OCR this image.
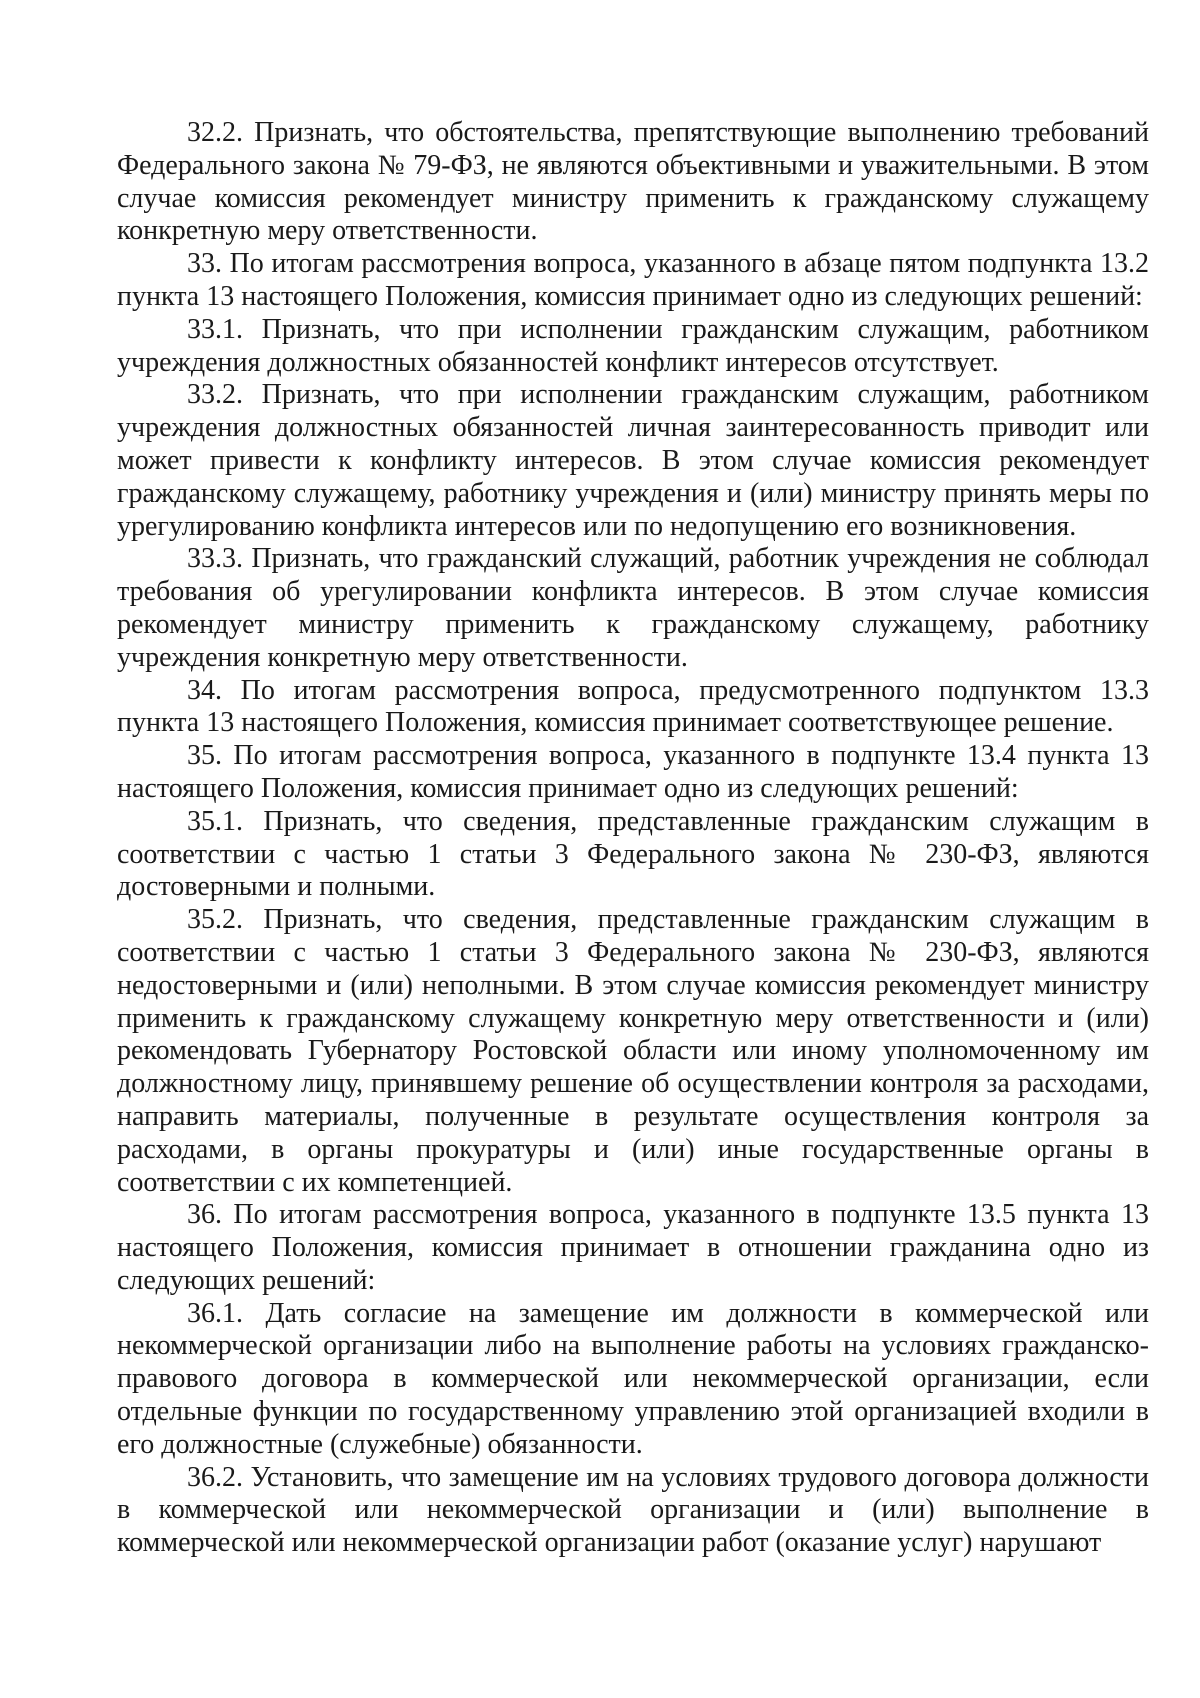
32.2. Признать, что обстоятельства, препятствующие выполнению требований Федерального закона № 79-ФЗ, не являются объективными и уважительными. В этом случае комиссия рекомендует министру применить к гражданскому служащему конкретную меру ответственности.

33. По итогам рассмотрения вопроса, указанного в абзаце пятом подпункта 13.2 пункта 13 настоящего Положения, комиссия принимает одно из следующих решений:

33.1. Признать, что при исполнении гражданским служащим, работником учреждения должностных обязанностей конфликт интересов отсутствует.

33.2. Признать, что при исполнении гражданским служащим, работником учреждения должностных обязанностей личная заинтересованность приводит или может привести к конфликту интересов. В этом случае комиссия рекомендует гражданскому служащему, работнику учреждения и (или) министру принять меры по урегулированию конфликта интересов или по недопущению его возникновения.

33.3. Признать, что гражданский служащий, работник учреждения не соблюдал требования об урегулировании конфликта интересов. В этом случае комиссия рекомендует министру применить к гражданскому служащему, работнику учреждения конкретную меру ответственности.

34. По итогам рассмотрения вопроса, предусмотренного подпунктом 13.3 пункта 13 настоящего Положения, комиссия принимает соответствующее решение.

35. По итогам рассмотрения вопроса, указанного в подпункте 13.4 пункта 13 настоящего Положения, комиссия принимает одно из следующих решений:

35.1. Признать, что сведения, представленные гражданским служащим в соответствии с частью 1 статьи 3 Федерального закона № 230-ФЗ, являются достоверными и полными.

35.2. Признать, что сведения, представленные гражданским служащим в соответствии с частью 1 статьи 3 Федерального закона № 230-ФЗ, являются недостоверными и (или) неполными. В этом случае комиссия рекомендует министру применить к гражданскому служащему конкретную меру ответственности и (или) рекомендовать Губернатору Ростовской области или иному уполномоченному им должностному лицу, принявшему решение об осуществлении контроля за расходами, направить материалы, полученные в результате осуществления контроля за расходами, в органы прокуратуры и (или) иные государственные органы в соответствии с их компетенцией.

36. По итогам рассмотрения вопроса, указанного в подпункте 13.5 пункта 13 настоящего Положения, комиссия принимает в отношении гражданина одно из следующих решений:

36.1. Дать согласие на замещение им должности в коммерческой или некоммерческой организации либо на выполнение работы на условиях гражданско-правового договора в коммерческой или некоммерческой организации, если отдельные функции по государственному управлению этой организацией входили в его должностные (служебные) обязанности.

36.2. Установить, что замещение им на условиях трудового договора должности в коммерческой или некоммерческой организации и (или) выполнение в коммерческой или некоммерческой организации работ (оказание услуг) нарушают
